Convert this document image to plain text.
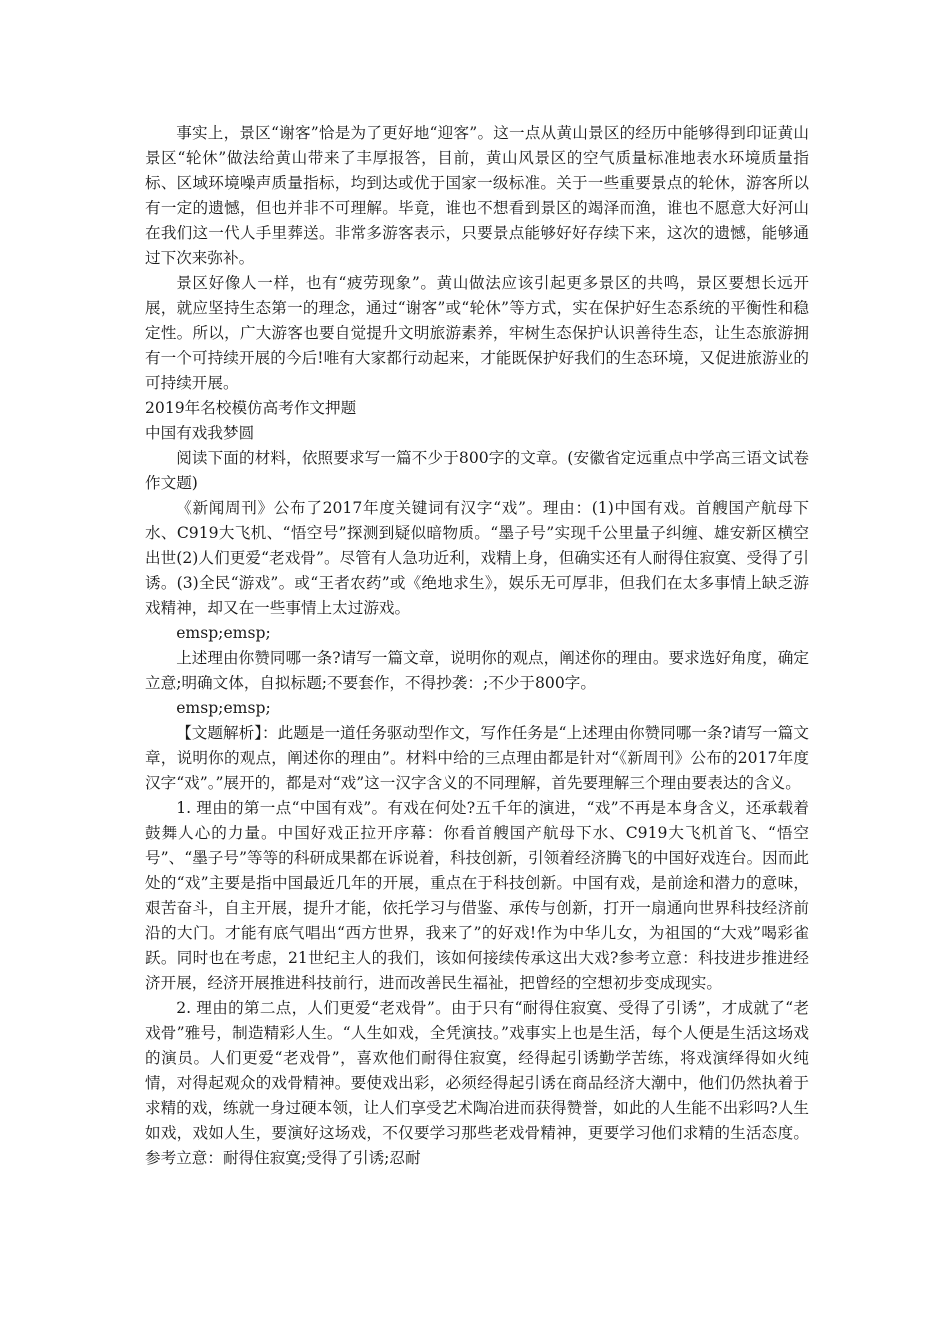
事实上，景区“谢客”恰是为了更好地“迎客”。这一点从黄山景区的经历中能够得到印证黄山景区“轮休”做法给黄山带来了丰厚报答，目前，黄山风景区的空气质量标准地表水环境质量指标、区域环境噪声质量指标，均到达或优于国家一级标准。关于一些重要景点的轮休，游客所以有一定的遗憾，但也并非不可理解。毕竟，谁也不想看到景区的竭泽而渔，谁也不愿意大好河山在我们这一代人手里葬送。非常多游客表示，只要景点能够好好存续下来，这次的遗憾，能够通过下次来弥补。

景区好像人一样，也有“疲劳现象”。黄山做法应该引起更多景区的共鸣，景区要想长远开展，就应坚持生态第一的理念，通过“谢客”或“轮休”等方式，实在保护好生态系统的平衡性和稳定性。所以，广大游客也要自觉提升文明旅游素养，牢树生态保护认识善待生态，让生态旅游拥有一个可持续开展的今后!唯有大家都行动起来，才能既保护好我们的生态环境，又促进旅游业的可持续开展。

2019年名校模仿高考作文押题

中国有戏我梦圆

阅读下面的材料，依照要求写一篇不少于800字的文章。(安徽省定远重点中学高三语文试卷作文题)

《新闻周刊》公布了2017年度关键词有汉字“戏”。理由：(1)中国有戏。首艘国产航母下水、C919大飞机、“悟空号”探测到疑似暗物质。“墨子号”实现千公里量子纠缠、雄安新区横空出世(2)人们更爱“老戏骨”。尽管有人急功近利，戏精上身，但确实还有人耐得住寂寞、受得了引诱。(3)全民“游戏”。或“王者农药”或《绝地求生》，娱乐无可厚非，但我们在太多事情上缺乏游戏精神，却又在一些事情上太过游戏。

emsp;emsp;

上述理由你赞同哪一条?请写一篇文章，说明你的观点，阐述你的理由。要求选好角度，确定立意;明确文体，自拟标题;不要套作，不得抄袭：;不少于800字。

emsp;emsp;

【文题解析】：此题是一道任务驱动型作文，写作任务是“上述理由你赞同哪一条?请写一篇文章，说明你的观点，阐述你的理由”。材料中给的三点理由都是针对“《新周刊》公布的2017年度汉字“戏”。”展开的，都是对“戏”这一汉字含义的不同理解，首先要理解三个理由要表达的含义。

1. 理由的第一点“中国有戏”。有戏在何处?五千年的演进，“戏”不再是本身含义，还承载着鼓舞人心的力量。中国好戏正拉开序幕：你看首艘国产航母下水、C919大飞机首飞、“悟空号”、“墨子号”等等的科研成果都在诉说着，科技创新，引领着经济腾飞的中国好戏连台。因而此处的“戏”主要是指中国最近几年的开展，重点在于科技创新。中国有戏，是前途和潜力的意味，艰苦奋斗，自主开展，提升才能，依托学习与借鉴、承传与创新，打开一扇通向世界科技经济前沿的大门。才能有底气唱出“西方世界，我来了”的好戏!作为中华儿女，为祖国的“大戏”喝彩雀跃。同时也在考虑，21世纪主人的我们，该如何接续传承这出大戏?参考立意：科技进步推进经济开展，经济开展推进科技前行，进而改善民生福祉，把曾经的空想初步变成现实。

2. 理由的第二点，人们更爱“老戏骨”。由于只有“耐得住寂寞、受得了引诱”，才成就了“老戏骨”雅号，制造精彩人生。“人生如戏，全凭演技。”戏事实上也是生活，每个人便是生活这场戏的演员。人们更爱“老戏骨”，喜欢他们耐得住寂寞，经得起引诱勤学苦练，将戏演绎得如火纯情，对得起观众的戏骨精神。要使戏出彩，必须经得起引诱在商品经济大潮中，他们仍然执着于求精的戏，练就一身过硬本领，让人们享受艺术陶冶进而获得赞誉，如此的人生能不出彩吗?人生如戏，戏如人生，要演好这场戏，不仅要学习那些老戏骨精神，更要学习他们求精的生活态度。参考立意：耐得住寂寞;受得了引诱;忍耐
